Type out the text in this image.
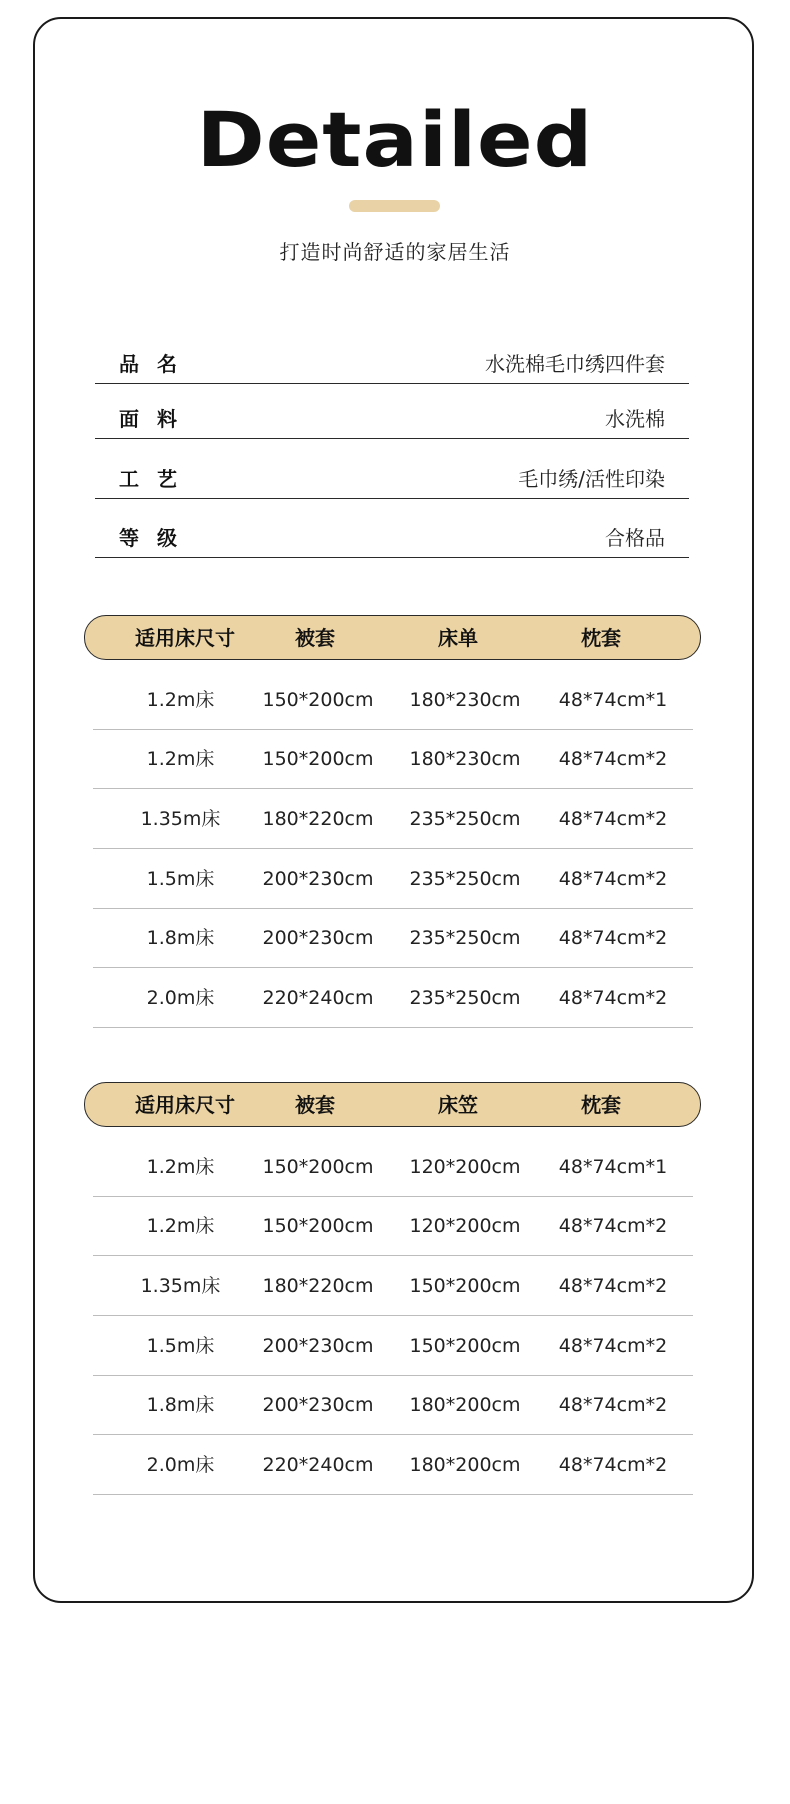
Detailed
打造时尚舒适的家居生活
品名	水洗棉毛巾绣四件套
面料	水洗棉
工艺	毛巾绣/活性印染
等级	合格品
适用床尺寸	被套	床单	枕套
1.2m床	150*200cm	180*230cm	48*74cm*1
1.2m床	150*200cm	180*230cm	48*74cm*2
1.35m床	180*220cm	235*250cm	48*74cm*2
1.5m床	200*230cm	235*250cm	48*74cm*2
1.8m床	200*230cm	235*250cm	48*74cm*2
2.0m床	220*240cm	235*250cm	48*74cm*2
适用床尺寸	被套	床笠	枕套
1.2m床	150*200cm	120*200cm	48*74cm*1
1.2m床	150*200cm	120*200cm	48*74cm*2
1.35m床	180*220cm	150*200cm	48*74cm*2
1.5m床	200*230cm	150*200cm	48*74cm*2
1.8m床	200*230cm	180*200cm	48*74cm*2
2.0m床	220*240cm	180*200cm	48*74cm*2
